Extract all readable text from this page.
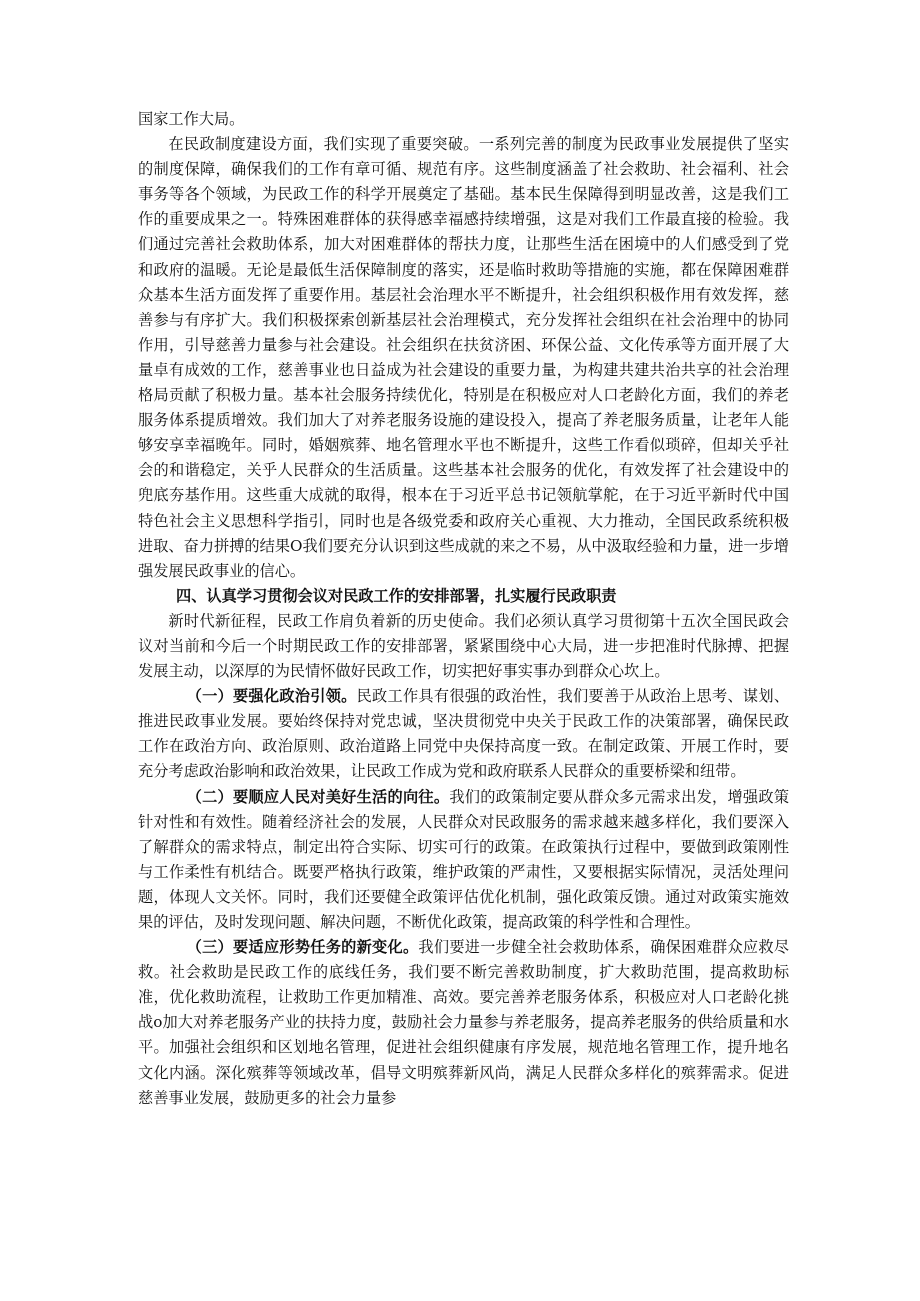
国家工作大局。

在民政制度建设方面，我们实现了重要突破。一系列完善的制度为民政事业发展提供了坚实的制度保障，确保我们的工作有章可循、规范有序。这些制度涵盖了社会救助、社会福利、社会事务等各个领域，为民政工作的科学开展奠定了基础。基本民生保障得到明显改善，这是我们工作的重要成果之一。特殊困难群体的获得感幸福感持续增强，这是对我们工作最直接的检验。我们通过完善社会救助体系，加大对困难群体的帮扶力度，让那些生活在困境中的人们感受到了党和政府的温暖。无论是最低生活保障制度的落实，还是临时救助等措施的实施，都在保障困难群众基本生活方面发挥了重要作用。基层社会治理水平不断提升，社会组织积极作用有效发挥，慈善参与有序扩大。我们积极探索创新基层社会治理模式，充分发挥社会组织在社会治理中的协同作用，引导慈善力量参与社会建设。社会组织在扶贫济困、环保公益、文化传承等方面开展了大量卓有成效的工作，慈善事业也日益成为社会建设的重要力量，为构建共建共治共享的社会治理格局贡献了积极力量。基本社会服务持续优化，特别是在积极应对人口老龄化方面，我们的养老服务体系提质增效。我们加大了对养老服务设施的建设投入，提高了养老服务质量，让老年人能够安享幸福晚年。同时，婚姻殡葬、地名管理水平也不断提升，这些工作看似琐碎，但却关乎社会的和谐稳定，关乎人民群众的生活质量。这些基本社会服务的优化，有效发挥了社会建设中的兜底夯基作用。这些重大成就的取得，根本在于习近平总书记领航掌舵，在于习近平新时代中国特色社会主义思想科学指引，同时也是各级党委和政府关心重视、大力推动，全国民政系统积极进取、奋力拼搏的结果O我们要充分认识到这些成就的来之不易，从中汲取经验和力量，进一步增强发展民政事业的信心。

四、认真学习贯彻会议对民政工作的安排部署，扎实履行民政职责

新时代新征程，民政工作肩负着新的历史使命。我们必须认真学习贯彻第十五次全国民政会议对当前和今后一个时期民政工作的安排部署，紧紧围绕中心大局，进一步把准时代脉搏、把握发展主动，以深厚的为民情怀做好民政工作，切实把好事实事办到群众心坎上。

（一）要强化政治引领。民政工作具有很强的政治性，我们要善于从政治上思考、谋划、推进民政事业发展。要始终保持对党忠诚，坚决贯彻党中央关于民政工作的决策部署，确保民政工作在政治方向、政治原则、政治道路上同党中央保持高度一致。在制定政策、开展工作时，要充分考虑政治影响和政治效果，让民政工作成为党和政府联系人民群众的重要桥梁和纽带。

（二）要顺应人民对美好生活的向往。我们的政策制定要从群众多元需求出发，增强政策针对性和有效性。随着经济社会的发展，人民群众对民政服务的需求越来越多样化，我们要深入了解群众的需求特点，制定出符合实际、切实可行的政策。在政策执行过程中，要做到政策刚性与工作柔性有机结合。既要严格执行政策，维护政策的严肃性，又要根据实际情况，灵活处理问题，体现人文关怀。同时，我们还要健全政策评估优化机制，强化政策反馈。通过对政策实施效果的评估，及时发现问题、解决问题，不断优化政策，提高政策的科学性和合理性。

（三）要适应形势任务的新变化。我们要进一步健全社会救助体系，确保困难群众应救尽救。社会救助是民政工作的底线任务，我们要不断完善救助制度，扩大救助范围，提高救助标准，优化救助流程，让救助工作更加精准、高效。要完善养老服务体系，积极应对人口老龄化挑战o加大对养老服务产业的扶持力度，鼓励社会力量参与养老服务，提高养老服务的供给质量和水平。加强社会组织和区划地名管理，促进社会组织健康有序发展，规范地名管理工作，提升地名文化内涵。深化殡葬等领域改革，倡导文明殡葬新风尚，满足人民群众多样化的殡葬需求。促进慈善事业发展，鼓励更多的社会力量参
